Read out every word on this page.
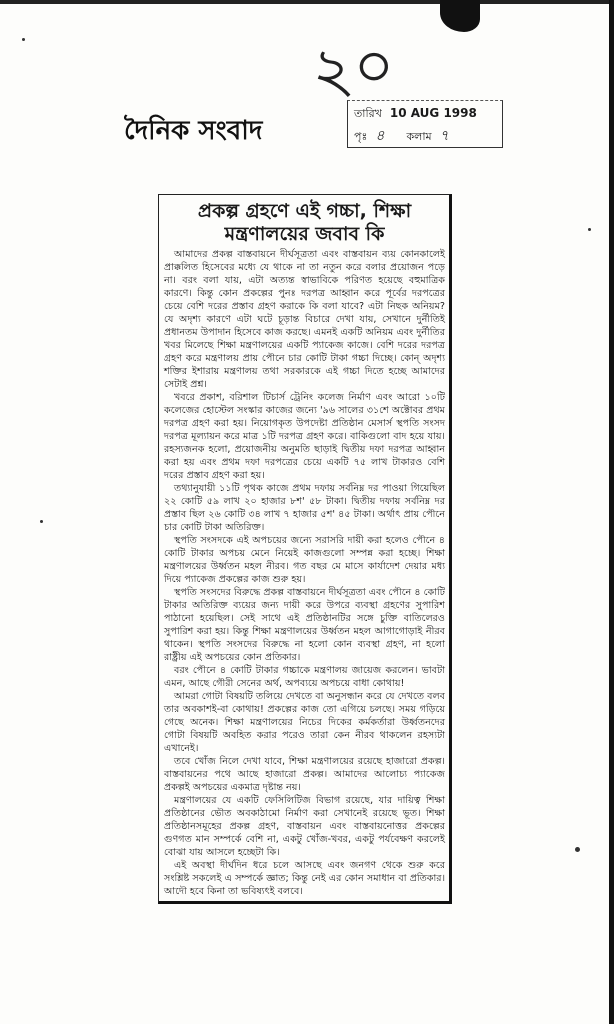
২০
দৈনিক সংবাদ
তারিখ 10 AUG 1998
পৃঃ ৪ কলাম ৭
প্রকল্প গ্রহণে এই গচ্চা, শিক্ষা
মন্ত্রণালয়ের জবাব কি

আমাদের প্রকল্প বাস্তবায়নে দীর্ঘসূত্রতা এবং বাস্তবায়ন ব্যয় কোনকালেই প্রাক্কলিত হিসেবের মধ্যে যে থাকে না তা নতুন করে বলার প্রয়োজন পড়ে না। বরং বলা যায়, এটা অত্যন্ত স্বাভাবিকে পরিণত হয়েছে বহুমাত্রিক কারণে। কিন্তু কোন প্রকল্পের পুনঃ দরপত্র আহ্বান করে পূর্বের দরপত্রের চেয়ে বেশি দরের প্রস্তাব গ্রহণ করাকে কি বলা যাবে? এটা নিছক অনিয়ম? যে অদৃশ্য কারণে এটা ঘটে চূড়ান্ত বিচারে দেখা যায়, সেখানে দুর্নীতিই প্রধানতম উপাদান হিসেবে কাজ করছে। এমনই একটি অনিয়ম এবং দুর্নীতির খবর মিলেছে শিক্ষা মন্ত্রণালয়ের একটি প্যাকেজ কাজে। বেশি দরের দরপত্র গ্রহণ করে মন্ত্রণালয় প্রায় পৌনে চার কোটি টাকা গচ্চা দিচ্ছে। কোন্ অদৃশ্য শক্তির ইশারায় মন্ত্রণালয় তথা সরকারকে এই গচ্চা দিতে হচ্ছে আমাদের সেটাই প্রশ্ন।

খবরে প্রকাশ, বরিশাল টিচার্স ট্রেনিং কলেজ নির্মাণ এবং আরো ১০টি কলেজের হোস্টেল সংস্কার কাজের জন্যে '৯৬ সালের ৩১শে অক্টোবর প্রথম দরপত্র গ্রহণ করা হয়। নিয়োগকৃত উপদেষ্টা প্রতিষ্ঠান মেসার্স স্থপতি সংসদ দরপত্র মূল্যায়ন করে মাত্র ১টি দরপত্র গ্রহণ করে। বাকিগুলো বাদ হয়ে যায়। রহস্যজনক হলো, প্রয়োজনীয় অনুমতি ছাড়াই দ্বিতীয় দফা দরপত্র আহ্বান করা হয় এবং প্রথম দফা দরপত্রের চেয়ে একটি ৭৫ লাখ টাকারও বেশি দরের প্রস্তাব গ্রহণ করা হয়।

তথ্যানুযায়ী ১১টি পৃথক কাজে প্রথম দফায় সর্বনিম্ন দর পাওয়া গিয়েছিল ২২ কোটি ৫৯ লাখ ২০ হাজার ৮শ' ৫৮ টাকা। দ্বিতীয় দফায় সর্বনিম্ন দর প্রস্তাব ছিল ২৬ কোটি ৩৪ লাখ ৭ হাজার ৫শ' ৪৫ টাকা। অর্থাৎ প্রায় পৌনে চার কোটি টাকা অতিরিক্ত।

স্থপতি সংসদকে এই অপচয়ের জন্যে সরাসরি দায়ী করা হলেও পৌনে ৪ কোটি টাকার অপচয় মেনে নিয়েই কাজগুলো সম্পন্ন করা হচ্ছে। শিক্ষা মন্ত্রণালয়ের উর্ধ্বতন মহল নীরব। গত বছর মে মাসে কার্যাদেশ দেয়ার মধ্য দিয়ে প্যাকেজ প্রকল্পের কাজ শুরু হয়।

স্থপতি সংসদের বিরুদ্ধে প্রকল্প বাস্তবায়নে দীর্ঘসূত্রতা এবং পৌনে ৪ কোটি টাকার অতিরিক্ত ব্যয়ের জন্য দায়ী করে উপরে ব্যবস্থা গ্রহণের সুপারিশ পাঠানো হয়েছিল। সেই সাথে এই প্রতিষ্ঠানটির সঙ্গে চুক্তি বাতিলেরও সুপারিশ করা হয়। কিন্তু শিক্ষা মন্ত্রণালয়ের উর্ধ্বতন মহল আগাগোড়াই নীরব থাকেন। স্থপতি সংসদের বিরুদ্ধে না হলো কোন ব্যবস্থা গ্রহণ, না হলো রাষ্ট্রীয় এই অপচয়ের কোন প্রতিকার।

বরং পৌনে ৪ কোটি টাকার গচ্চাকে মন্ত্রণালয় জায়েজ করলেন। ভাবটা এমন, আছে গৌরী সেনের অর্থ, অপব্যয়ে অপচয়ে বাধা কোথায়!

আমরা গোটা বিষয়টি তলিয়ে দেখতে বা অনুসন্ধান করে যে দেখতে বলব তার অবকাশই-বা কোথায়! প্রকল্পের কাজ তো এগিয়ে চলছে। সময় গড়িয়ে গেছে অনেক। শিক্ষা মন্ত্রণালয়ের নিচের দিকের কর্মকর্তারা উর্ধ্বতনদের গোটা বিষয়টি অবহিত করার পরেও তারা কেন নীরব থাকলেন রহস্যটা এখানেই।

তবে খোঁজ নিলে দেখা যাবে, শিক্ষা মন্ত্রণালয়ের রয়েছে হাজারো প্রকল্প। বাস্তবায়নের পথে আছে হাজারো প্রকল্প। আমাদের আলোচ্য প্যাকেজ প্রকল্পই অপচয়ের একমাত্র দৃষ্টান্ত নয়।

মন্ত্রণালয়ের যে একটি ফেসিলিটিজ বিভাগ রয়েছে, যার দায়িত্ব শিক্ষা প্রতিষ্ঠানের ভৌত অবকাঠামো নির্মাণ করা সেখানেই রয়েছে ভূত। শিক্ষা প্রতিষ্ঠানসমূহের প্রকল্প গ্রহণ, বাস্তবায়ন এবং বাস্তবায়নোত্তর প্রকল্পের গুণগত মান সম্পর্কে বেশি না, একটু খোঁজ-খবর, একটু পর্যবেক্ষণ করলেই বোঝা যায় আসলে হচ্ছেটা কি।

এই অবস্থা দীর্ঘদিন ধরে চলে আসছে এবং জনগণ থেকে শুরু করে সংশ্লিষ্ট সকলেই এ সম্পর্কে জ্ঞাত; কিন্তু নেই এর কোন সমাধান বা প্রতিকার। আদৌ হবে কিনা তা ভবিষ্যৎই বলবে।
